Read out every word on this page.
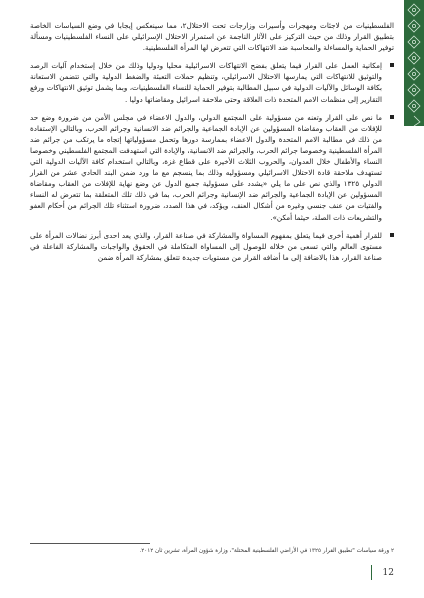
الفلسطينيات من لاجئات ومهجرات وأسيرات وزارجات تحت الاحتلال٢، مما سينعكس إيجابا في وضع السياسات الخاصة بتطبيق القرار وذلك من حيث التركيز على الآثار الناجمة عن استمرار الاحتلال الإسرائيلي على النساء الفلسطينيات ومسألة توفير الحماية والمساءلة والمحاسبة ضد الانتهاكات التي تتعرض لها المرأة الفلسطينية.

إمكانية العمل على القرار فيما يتعلق بفضح الانتهاكات الاسرائيلية محليا ودوليا وذلك من خلال إستخدام آليات الرصد والتوثيق للانتهاكات التي يمارسها الاحتلال الاسرائيلي، وتنظيم حملات التعبئة والضغط الدولية والتي تتضمن الاستعانة بكافة الوسائل والآليات الدولية في سبيل المطالبة بتوفير الحماية للنساء الفلسطينيات، وبما يشمل توثيق الانتهاكات ورفع التقارير إلى منظمات الامم المتحدة ذات العلاقة وحتى ملاحقة اسرائيل ومقاضاتها دوليا .
ما نص على القرار وتعنه من مسؤولية على المجتمع الدولي، والدول الاعضاء في مجلس الأمن من ضرورة وضع حد للإفلات من العقاب ومقاضاة المسؤولين عن الإبادة الجماعية والجرائم ضد الانسانية وجرائم الحرب، وبالتالي الإستفادة من ذلك في مطالبة الامم المتحدة والدول الاعضاء بممارسة دورها وتحمل مسؤولياتها إتجاه ما يرتكب من جرائم ضد المرأة الفلسطينية وخصوصا جرائم الحرب، والجرائم ضد الانسانية، والإبادة التي استهدفت المجتمع الفلسطيني وخصوصا النساء والأطفال خلال العدوان، والحروب الثلاث الأخيرة على قطاع غزة، وبالتالي استخدام كافة الآليات الدولية التي تستهدف ملاحقة قادة الاحتلال الاسرائيلي ومسؤوليه وذلك بما ينسجم مع ما ورد ضمن البند الحادي عشر من القرار الدولي ١٣٢٥ والذي نص على ما يلي «يشدد على مسؤولية جميع الدول عن وضع نهاية للإفلات من العقاب ومقاضاة المسؤولين عن الإبادة الجماعية والجرائم ضد الإنسانية وجرائم الحرب، بما في ذلك تلك المتعلقة بما تتعرض له النساء والفتيات من عنف جنسي وغيره من أشكال العنف، ويؤكد، في هذا الصدد، ضرورة استثناء تلك الجرائم من أحكام العفو والتشريعات ذات الصلة، حيثما أمكن».
للقرار أهمية أخرى فيما يتعلق بمفهوم المساواة والمشاركة في صناعة القرار، والذي يعد احدى أبرز نضالات المرأة على مستوى العالم والتي تسعى من خلاله للوصول إلى المساواة المتكاملة في الحقوق والواجبات والمشاركة الفاعلة في صناعة القرار، هذا بالاضافة إلى ما أضافه القرار من مستويات جديدة تتعلق بمشاركة المرأة ضمن
٢ ورقة سياسات "تطبيق القرار ١٣٢٥ في الأراضي الفلسطينية المحتلة"، وزارة شؤون المرأة، تشرين ثان ٢٠١٢.
12
